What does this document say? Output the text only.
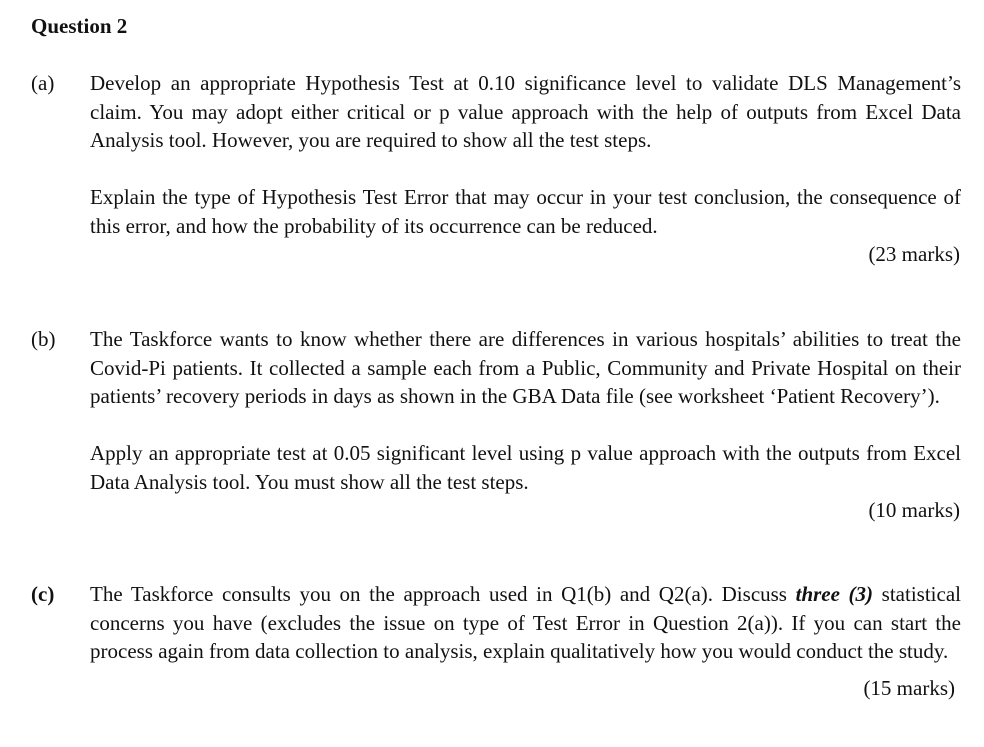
Question 2
(a)	Develop an appropriate Hypothesis Test at 0.10 significance level to validate DLS Management’s claim. You may adopt either critical or p value approach with the help of outputs from Excel Data Analysis tool. However, you are required to show all the test steps.

Explain the type of Hypothesis Test Error that may occur in your test conclusion, the consequence of this error, and how the probability of its occurrence can be reduced.

(23 marks)
(b)	The Taskforce wants to know whether there are differences in various hospitals’ abilities to treat the Covid-Pi patients. It collected a sample each from a Public, Community and Private Hospital on their patients’ recovery periods in days as shown in the GBA Data file (see worksheet ‘Patient Recovery’).

Apply an appropriate test at 0.05 significant level using p value approach with the outputs from Excel Data Analysis tool. You must show all the test steps.

(10 marks)
(c)	The Taskforce consults you on the approach used in Q1(b) and Q2(a). Discuss three (3) statistical concerns you have (excludes the issue on type of Test Error in Question 2(a)). If you can start the process again from data collection to analysis, explain qualitatively how you would conduct the study.

(15 marks)
